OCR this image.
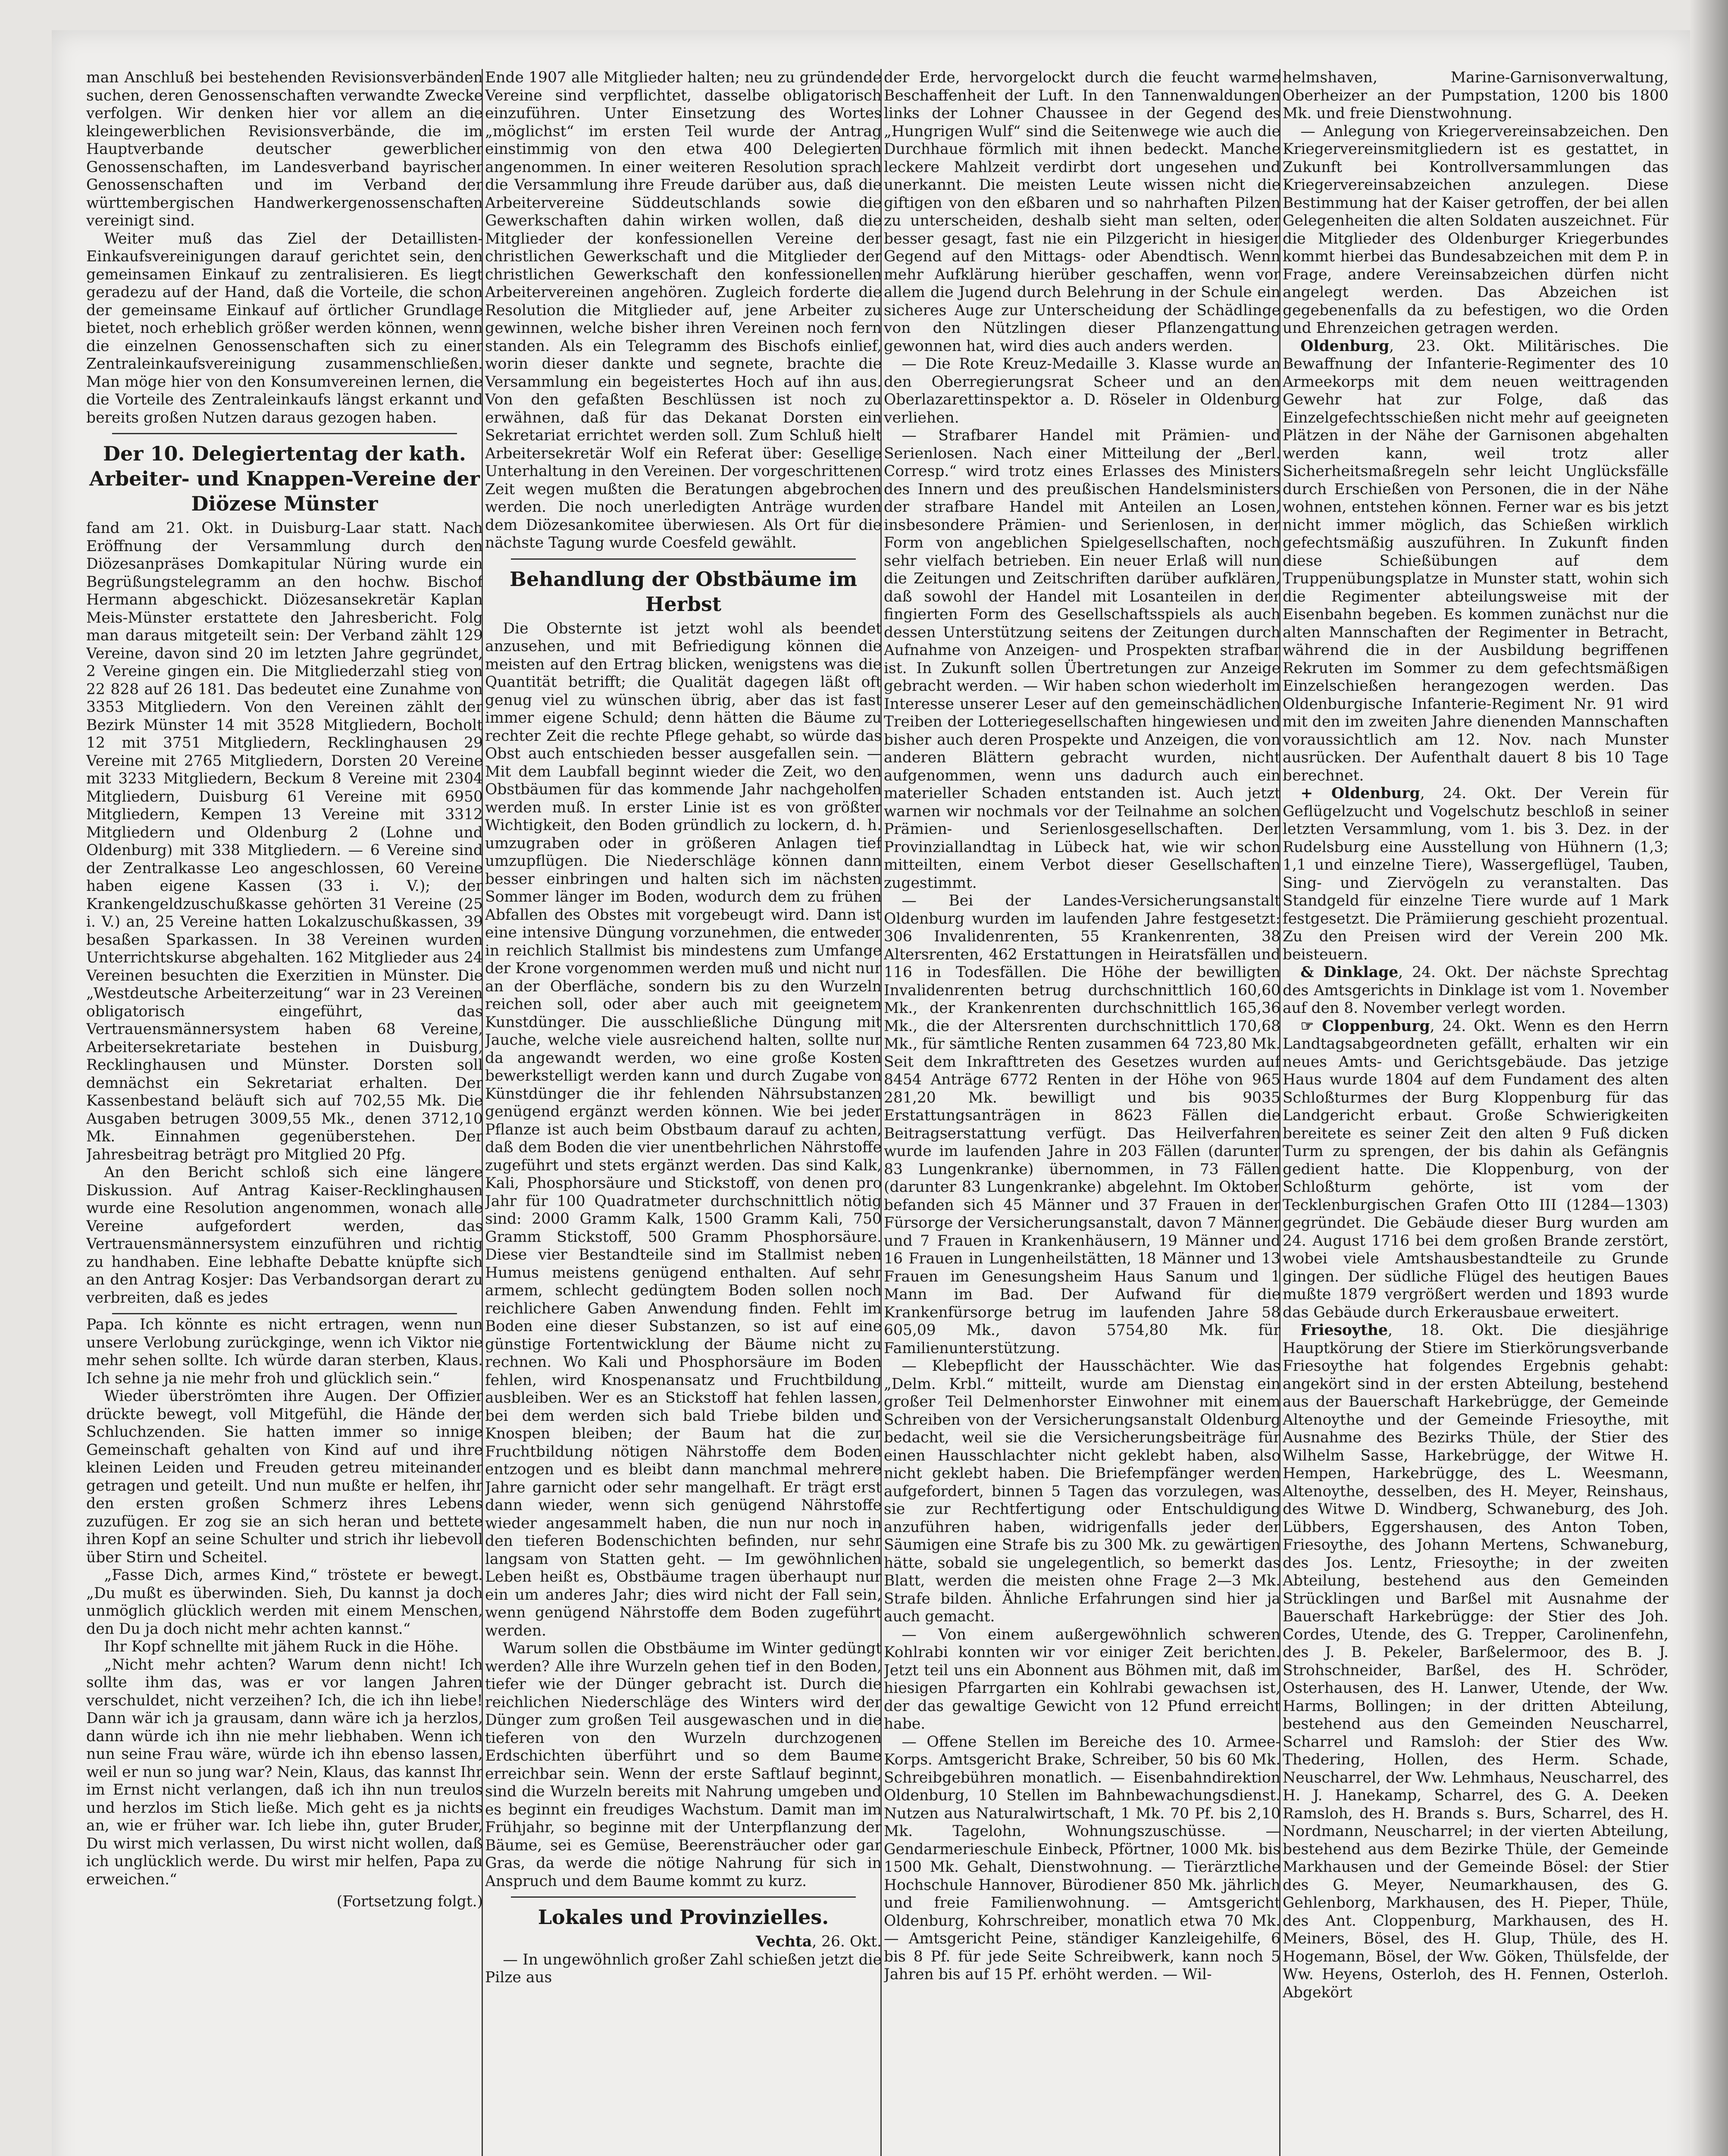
man Anschluß bei bestehenden Revisionsverbänden suchen, deren Genossenschaften verwandte Zwecke verfolgen. Wir denken hier vor allem an die kleingewerblichen Revisionsverbände, die im Hauptverbande deutscher gewerblicher Genossenschaften, im Landesverband bayrischer Genossenschaften und im Verband der württembergischen Handwerkergenossenschaften vereinigt sind.

Weiter muß das Ziel der Detaillisten-Einkaufsvereinigungen darauf gerichtet sein, den gemeinsamen Einkauf zu zentralisieren. Es liegt geradezu auf der Hand, daß die Vorteile, die schon der gemeinsame Einkauf auf örtlicher Grundlage bietet, noch erheblich größer werden können, wenn die einzelnen Genossenschaften sich zu einer Zentraleinkaufsvereinigung zusammenschließen. Man möge hier von den Konsumvereinen lernen, die die Vorteile des Zentraleinkaufs längst erkannt und bereits großen Nutzen daraus gezogen haben.

Der 10. Delegiertentag der kath. Arbeiter- und Knappen-Vereine der Diözese Münster

fand am 21. Okt. in Duisburg-Laar statt. Nach Eröffnung der Versammlung durch den Diözesanpräses Domkapitular Nüring wurde ein Begrüßungstelegramm an den hochw. Bischof Hermann abgeschickt. Diözesansekretär Kaplan Meis-Münster erstattete den Jahresbericht. Folg man daraus mitgeteilt sein: Der Verband zählt 129 Vereine, davon sind 20 im letzten Jahre gegründet, 2 Vereine gingen ein. Die Mitgliederzahl stieg von 22 828 auf 26 181. Das bedeutet eine Zunahme von 3353 Mitgliedern. Von den Vereinen zählt der Bezirk Münster 14 mit 3528 Mitgliedern, Bocholt 12 mit 3751 Mitgliedern, Recklinghausen 29 Vereine mit 2765 Mitgliedern, Dorsten 20 Vereine mit 3233 Mitgliedern, Beckum 8 Vereine mit 2304 Mitgliedern, Duisburg 61 Vereine mit 6950 Mitgliedern, Kempen 13 Vereine mit 3312 Mitgliedern und Oldenburg 2 (Lohne und Oldenburg) mit 338 Mitgliedern. — 6 Vereine sind der Zentralkasse Leo angeschlossen, 60 Vereine haben eigene Kassen (33 i. V.); der Krankengeldzuschußkasse gehörten 31 Vereine (25 i. V.) an, 25 Vereine hatten Lokalzuschußkassen, 39 besaßen Sparkassen. In 38 Vereinen wurden Unterrichtskurse abgehalten. 162 Mitglieder aus 24 Vereinen besuchten die Exerzitien in Münster. Die „Westdeutsche Arbeiterzeitung“ war in 23 Vereinen obligatorisch eingeführt, das Vertrauensmännersystem haben 68 Vereine, Arbeitersekretariate bestehen in Duisburg, Recklinghausen und Münster. Dorsten soll demnächst ein Sekretariat erhalten. Der Kassenbestand beläuft sich auf 702,55 Mk. Die Ausgaben betrugen 3009,55 Mk., denen 3712,10 Mk. Einnahmen gegenüberstehen. Der Jahresbeitrag beträgt pro Mitglied 20 Pfg.

An den Bericht schloß sich eine längere Diskussion. Auf Antrag Kaiser-Recklinghausen wurde eine Resolution angenommen, wonach alle Vereine aufgefordert werden, das Vertrauensmännersystem einzuführen und richtig zu handhaben. Eine lebhafte Debatte knüpfte sich an den Antrag Kosjer: Das Verbandsorgan derart zu verbreiten, daß es jedes

Papa. Ich könnte es nicht ertragen, wenn nun unsere Verlobung zurückginge, wenn ich Viktor nie mehr sehen sollte. Ich würde daran sterben, Klaus. Ich sehne ja nie mehr froh und glücklich sein.“

Wieder überströmten ihre Augen. Der Offizier drückte bewegt, voll Mitgefühl, die Hände der Schluchzenden. Sie hatten immer so innige Gemeinschaft gehalten von Kind auf und ihre kleinen Leiden und Freuden getreu miteinander getragen und geteilt. Und nun mußte er helfen, ihr den ersten großen Schmerz ihres Lebens zuzufügen. Er zog sie an sich heran und bettete ihren Kopf an seine Schulter und strich ihr liebevoll über Stirn und Scheitel.

„Fasse Dich, armes Kind,“ tröstete er bewegt. „Du mußt es überwinden. Sieh, Du kannst ja doch unmöglich glücklich werden mit einem Menschen, den Du ja doch nicht mehr achten kannst.“

Ihr Kopf schnellte mit jähem Ruck in die Höhe.

„Nicht mehr achten? Warum denn nicht! Ich sollte ihm das, was er vor langen Jahren verschuldet, nicht verzeihen? Ich, die ich ihn liebe! Dann wär ich ja grausam, dann wäre ich ja herzlos, dann würde ich ihn nie mehr liebhaben. Wenn ich nun seine Frau wäre, würde ich ihn ebenso lassen, weil er nun so jung war? Nein, Klaus, das kannst Ihr im Ernst nicht verlangen, daß ich ihn nun treulos und herzlos im Stich ließe. Mich geht es ja nichts an, wie er früher war. Ich liebe ihn, guter Bruder, Du wirst mich verlassen, Du wirst nicht wollen, daß ich unglücklich werde. Du wirst mir helfen, Papa zu erweichen.“

(Fortsetzung folgt.)

Ende 1907 alle Mitglieder halten; neu zu gründende Vereine sind verpflichtet, dasselbe obligatorisch einzuführen. Unter Einsetzung des Wortes „möglichst“ im ersten Teil wurde der Antrag einstimmig von den etwa 400 Delegierten angenommen. In einer weiteren Resolution sprach die Versammlung ihre Freude darüber aus, daß die Arbeitervereine Süddeutschlands sowie die Gewerkschaften dahin wirken wollen, daß die Mitglieder der konfessionellen Vereine der christlichen Gewerkschaft und die Mitglieder der christlichen Gewerkschaft den konfessionellen Arbeitervereinen angehören. Zugleich forderte die Resolution die Mitglieder auf, jene Arbeiter zu gewinnen, welche bisher ihren Vereinen noch fern standen. Als ein Telegramm des Bischofs einlief, worin dieser dankte und segnete, brachte die Versammlung ein begeistertes Hoch auf ihn aus. Von den gefaßten Beschlüssen ist noch zu erwähnen, daß für das Dekanat Dorsten ein Sekretariat errichtet werden soll. Zum Schluß hielt Arbeitersekretär Wolf ein Referat über: Gesellige Unterhaltung in den Vereinen. Der vorgeschrittenen Zeit wegen mußten die Beratungen abgebrochen werden. Die noch unerledigten Anträge wurden dem Diözesankomitee überwiesen. Als Ort für die nächste Tagung wurde Coesfeld gewählt.

Behandlung der Obstbäume im Herbst

Die Obsternte ist jetzt wohl als beendet anzusehen, und mit Befriedigung können die meisten auf den Ertrag blicken, wenigstens was die Quantität betrifft; die Qualität dagegen läßt oft genug viel zu wünschen übrig, aber das ist fast immer eigene Schuld; denn hätten die Bäume zu rechter Zeit die rechte Pflege gehabt, so würde das Obst auch entschieden besser ausgefallen sein. — Mit dem Laubfall beginnt wieder die Zeit, wo den Obstbäumen für das kommende Jahr nachgeholfen werden muß. In erster Linie ist es von größter Wichtigkeit, den Boden gründlich zu lockern, d. h. umzugraben oder in größeren Anlagen tief umzupflügen. Die Niederschläge können dann besser einbringen und halten sich im nächsten Sommer länger im Boden, wodurch dem zu frühen Abfallen des Obstes mit vorgebeugt wird. Dann ist eine intensive Düngung vorzunehmen, die entweder in reichlich Stallmist bis mindestens zum Umfange der Krone vorgenommen werden muß und nicht nur an der Oberfläche, sondern bis zu den Wurzeln reichen soll, oder aber auch mit geeignetem Kunstdünger. Die ausschließliche Düngung mit Jauche, welche viele ausreichend halten, sollte nur da angewandt werden, wo eine große Kosten bewerkstelligt werden kann und durch Zugabe von Künstdünger die ihr fehlenden Nährsubstanzen genügend ergänzt werden können. Wie bei jeder Pflanze ist auch beim Obstbaum darauf zu achten, daß dem Boden die vier unentbehrlichen Nährstoffe zugeführt und stets ergänzt werden. Das sind Kalk, Kali, Phosphorsäure und Stickstoff, von denen pro Jahr für 100 Quadratmeter durchschnittlich nötig sind: 2000 Gramm Kalk, 1500 Gramm Kali, 750 Gramm Stickstoff, 500 Gramm Phosphorsäure. Diese vier Bestandteile sind im Stallmist neben Humus meistens genügend enthalten. Auf sehr armem, schlecht gedüngtem Boden sollen noch reichlichere Gaben Anwendung finden. Fehlt im Boden eine dieser Substanzen, so ist auf eine günstige Fortentwicklung der Bäume nicht zu rechnen. Wo Kali und Phosphorsäure im Boden fehlen, wird Knospenansatz und Fruchtbildung ausbleiben. Wer es an Stickstoff hat fehlen lassen, bei dem werden sich bald Triebe bilden und Knospen bleiben; der Baum hat die zur Fruchtbildung nötigen Nährstoffe dem Boden entzogen und es bleibt dann manchmal mehrere Jahre garnicht oder sehr mangelhaft. Er trägt erst dann wieder, wenn sich genügend Nährstoffe wieder angesammelt haben, die nun nur noch in den tieferen Bodenschichten befinden, nur sehr langsam von Statten geht. — Im gewöhnlichen Leben heißt es, Obstbäume tragen überhaupt nur ein um anderes Jahr; dies wird nicht der Fall sein, wenn genügend Nährstoffe dem Boden zugeführt werden.

Warum sollen die Obstbäume im Winter gedüngt werden? Alle ihre Wurzeln gehen tief in den Boden, tiefer wie der Dünger gebracht ist. Durch die reichlichen Niederschläge des Winters wird der Dünger zum großen Teil ausgewaschen und in die tieferen von den Wurzeln durchzogenen Erdschichten überführt und so dem Baume erreichbar sein. Wenn der erste Saftlauf beginnt, sind die Wurzeln bereits mit Nahrung umgeben und es beginnt ein freudiges Wachstum. Damit man im Frühjahr, so beginne mit der Unterpflanzung der Bäume, sei es Gemüse, Beerensträucher oder gar Gras, da werde die nötige Nahrung für sich in Anspruch und dem Baume kommt zu kurz.

Lokales und Provinzielles.

Vechta, 26. Okt.

— In ungewöhnlich großer Zahl schießen jetzt die Pilze aus

der Erde, hervorgelockt durch die feucht warme Beschaffenheit der Luft. In den Tannenwaldungen links der Lohner Chaussee in der Gegend des „Hungrigen Wulf“ sind die Seitenwege wie auch die Durchhaue förmlich mit ihnen bedeckt. Manche leckere Mahlzeit verdirbt dort ungesehen und unerkannt. Die meisten Leute wissen nicht die giftigen von den eßbaren und so nahrhaften Pilzen zu unterscheiden, deshalb sieht man selten, oder besser gesagt, fast nie ein Pilzgericht in hiesiger Gegend auf den Mittags- oder Abendtisch. Wenn mehr Aufklärung hierüber geschaffen, wenn vor allem die Jugend durch Belehrung in der Schule ein sicheres Auge zur Unterscheidung der Schädlinge von den Nützlingen dieser Pflanzengattung gewonnen hat, wird dies auch anders werden.

— Die Rote Kreuz-Medaille 3. Klasse wurde an den Oberregierungsrat Scheer und an den Oberlazarettinspektor a. D. Röseler in Oldenburg verliehen.

— Strafbarer Handel mit Prämien- und Serienlosen. Nach einer Mitteilung der „Berl. Corresp.“ wird trotz eines Erlasses des Ministers des Innern und des preußischen Handelsministers der strafbare Handel mit Anteilen an Losen, insbesondere Prämien- und Serienlosen, in der Form von angeblichen Spielgesellschaften, noch sehr vielfach betrieben. Ein neuer Erlaß will nun die Zeitungen und Zeitschriften darüber aufklären, daß sowohl der Handel mit Losanteilen in der fingierten Form des Gesellschaftsspiels als auch dessen Unterstützung seitens der Zeitungen durch Aufnahme von Anzeigen- und Prospekten strafbar ist. In Zukunft sollen Übertretungen zur Anzeige gebracht werden. — Wir haben schon wiederholt im Interesse unserer Leser auf den gemeinschädlichen Treiben der Lotteriegesellschaften hingewiesen und bisher auch deren Prospekte und Anzeigen, die von anderen Blättern gebracht wurden, nicht aufgenommen, wenn uns dadurch auch ein materieller Schaden entstanden ist. Auch jetzt warnen wir nochmals vor der Teilnahme an solchen Prämien- und Serienlosgesellschaften. Der Provinziallandtag in Lübeck hat, wie wir schon mitteilten, einem Verbot dieser Gesellschaften zugestimmt.

— Bei der Landes-Versicherungsanstalt Oldenburg wurden im laufenden Jahre festgesetzt: 306 Invalidenrenten, 55 Krankenrenten, 38 Altersrenten, 462 Erstattungen in Heiratsfällen und 116 in Todesfällen. Die Höhe der bewilligten Invalidenrenten betrug durchschnittlich 160,60 Mk., der Krankenrenten durchschnittlich 165,36 Mk., die der Altersrenten durchschnittlich 170,68 Mk., für sämtliche Renten zusammen 64 723,80 Mk. Seit dem Inkrafttreten des Gesetzes wurden auf 8454 Anträge 6772 Renten in der Höhe von 965 281,20 Mk. bewilligt und bis 9035 Erstattungsanträgen in 8623 Fällen die Beitragserstattung verfügt. Das Heilverfahren wurde im laufenden Jahre in 203 Fällen (darunter 83 Lungenkranke) übernommen, in 73 Fällen (darunter 83 Lungenkranke) abgelehnt. Im Oktober befanden sich 45 Männer und 37 Frauen in der Fürsorge der Versicherungsanstalt, davon 7 Männer und 7 Frauen in Krankenhäusern, 19 Männer und 16 Frauen in Lungenheilstätten, 18 Männer und 13 Frauen im Genesungsheim Haus Sanum und 1 Mann im Bad. Der Aufwand für die Krankenfürsorge betrug im laufenden Jahre 58 605,09 Mk., davon 5754,80 Mk. für Familienunterstützung.

— Klebepflicht der Hausschächter. Wie das „Delm. Krbl.“ mitteilt, wurde am Dienstag ein großer Teil Delmenhorster Einwohner mit einem Schreiben von der Versicherungsanstalt Oldenburg bedacht, weil sie die Versicherungsbeiträge für einen Hausschlachter nicht geklebt haben, also nicht geklebt haben. Die Briefempfänger werden aufgefordert, binnen 5 Tagen das vorzulegen, was sie zur Rechtfertigung oder Entschuldigung anzuführen haben, widrigenfalls jeder der Säumigen eine Strafe bis zu 300 Mk. zu gewärtigen hätte, sobald sie ungelegentlich, so bemerkt das Blatt, werden die meisten ohne Frage 2—3 Mk. Strafe bilden. Ähnliche Erfahrungen sind hier ja auch gemacht.

— Von einem außergewöhnlich schweren Kohlrabi konnten wir vor einiger Zeit berichten. Jetzt teil uns ein Abonnent aus Böhmen mit, daß im hiesigen Pfarrgarten ein Kohlrabi gewachsen ist, der das gewaltige Gewicht von 12 Pfund erreicht habe.

— Offene Stellen im Bereiche des 10. Armee-Korps. Amtsgericht Brake, Schreiber, 50 bis 60 Mk. Schreibgebühren monatlich. — Eisenbahndirektion Oldenburg, 10 Stellen im Bahnbewachungsdienst. Nutzen aus Naturalwirtschaft, 1 Mk. 70 Pf. bis 2,10 Mk. Tagelohn, Wohnungszuschüsse. — Gendarmerieschule Einbeck, Pförtner, 1000 Mk. bis 1500 Mk. Gehalt, Dienstwohnung. — Tierärztliche Hochschule Hannover, Bürodiener 850 Mk. jährlich und freie Familienwohnung. — Amtsgericht Oldenburg, Kohrschreiber, monatlich etwa 70 Mk. — Amtsgericht Peine, ständiger Kanzleigehilfe, 6 bis 8 Pf. für jede Seite Schreibwerk, kann noch 5 Jahren bis auf 15 Pf. erhöht werden. — Wil-

helmshaven, Marine-Garnisonverwaltung, Oberheizer an der Pumpstation, 1200 bis 1800 Mk. und freie Dienstwohnung.

— Anlegung von Kriegervereinsabzeichen. Den Kriegervereinsmitgliedern ist es gestattet, in Zukunft bei Kontrollversammlungen das Kriegervereinsabzeichen anzulegen. Diese Bestimmung hat der Kaiser getroffen, der bei allen Gelegenheiten die alten Soldaten auszeichnet. Für die Mitglieder des Oldenburger Kriegerbundes kommt hierbei das Bundesabzeichen mit dem P. in Frage, andere Vereinsabzeichen dürfen nicht angelegt werden. Das Abzeichen ist gegebenenfalls da zu befestigen, wo die Orden und Ehrenzeichen getragen werden.

Oldenburg, 23. Okt. Militärisches. Die Bewaffnung der Infanterie-Regimenter des 10 Armeekorps mit dem neuen weittragenden Gewehr hat zur Folge, daß das Einzelgefechtsschießen nicht mehr auf geeigneten Plätzen in der Nähe der Garnisonen abgehalten werden kann, weil trotz aller Sicherheitsmaßregeln sehr leicht Unglücksfälle durch Erschießen von Personen, die in der Nähe wohnen, entstehen können. Ferner war es bis jetzt nicht immer möglich, das Schießen wirklich gefechtsmäßig auszuführen. In Zukunft finden diese Schießübungen auf dem Truppenübungsplatze in Munster statt, wohin sich die Regimenter abteilungsweise mit der Eisenbahn begeben. Es kommen zunächst nur die alten Mannschaften der Regimenter in Betracht, während die in der Ausbildung begriffenen Rekruten im Sommer zu dem gefechtsmäßigen Einzelschießen herangezogen werden. Das Oldenburgische Infanterie-Regiment Nr. 91 wird mit den im zweiten Jahre dienenden Mannschaften voraussichtlich am 12. Nov. nach Munster ausrücken. Der Aufenthalt dauert 8 bis 10 Tage berechnet.

+ Oldenburg, 24. Okt. Der Verein für Geflügelzucht und Vogelschutz beschloß in seiner letzten Versammlung, vom 1. bis 3. Dez. in der Rudelsburg eine Ausstellung von Hühnern (1,3; 1,1 und einzelne Tiere), Wassergeflügel, Tauben, Sing- und Ziervögeln zu veranstalten. Das Standgeld für einzelne Tiere wurde auf 1 Mark festgesetzt. Die Prämiierung geschieht prozentual. Zu den Preisen wird der Verein 200 Mk. beisteuern.

& Dinklage, 24. Okt. Der nächste Sprechtag des Amtsgerichts in Dinklage ist vom 1. November auf den 8. November verlegt worden.

☞ Cloppenburg, 24. Okt. Wenn es den Herrn Landtagsabgeordneten gefällt, erhalten wir ein neues Amts- und Gerichtsgebäude. Das jetzige Haus wurde 1804 auf dem Fundament des alten Schloßturmes der Burg Kloppenburg für das Landgericht erbaut. Große Schwierigkeiten bereitete es seiner Zeit den alten 9 Fuß dicken Turm zu sprengen, der bis dahin als Gefängnis gedient hatte. Die Kloppenburg, von der Schloßturm gehörte, ist vom der Tecklenburgischen Grafen Otto III (1284—1303) gegründet. Die Gebäude dieser Burg wurden am 24. August 1716 bei dem großen Brande zerstört, wobei viele Amtshausbestandteile zu Grunde gingen. Der südliche Flügel des heutigen Baues mußte 1879 vergrößert werden und 1893 wurde das Gebäude durch Erkerausbaue erweitert.

Friesoythe, 18. Okt. Die diesjährige Hauptkörung der Stiere im Stierkörungsverbande Friesoythe hat folgendes Ergebnis gehabt: angekört sind in der ersten Abteilung, bestehend aus der Bauerschaft Harkebrügge, der Gemeinde Altenoythe und der Gemeinde Friesoythe, mit Ausnahme des Bezirks Thüle, der Stier des Wilhelm Sasse, Harkebrügge, der Witwe H. Hempen, Harkebrügge, des L. Weesmann, Altenoythe, desselben, des H. Meyer, Reinshaus, des Witwe D. Windberg, Schwaneburg, des Joh. Lübbers, Eggershausen, des Anton Toben, Friesoythe, des Johann Mertens, Schwaneburg, des Jos. Lentz, Friesoythe; in der zweiten Abteilung, bestehend aus den Gemeinden Strücklingen und Barßel mit Ausnahme der Bauerschaft Harkebrügge: der Stier des Joh. Cordes, Utende, des G. Trepper, Carolinenfehn, des J. B. Pekeler, Barßelermoor, des B. J. Strohschneider, Barßel, des H. Schröder, Osterhausen, des H. Lanwer, Utende, der Ww. Harms, Bollingen; in der dritten Abteilung, bestehend aus den Gemeinden Neuscharrel, Scharrel und Ramsloh: der Stier des Ww. Thedering, Hollen, des Herm. Schade, Neuscharrel, der Ww. Lehmhaus, Neuscharrel, des H. J. Hanekamp, Scharrel, des G. A. Deeken Ramsloh, des H. Brands s. Burs, Scharrel, des H. Nordmann, Neuscharrel; in der vierten Abteilung, bestehend aus dem Bezirke Thüle, der Gemeinde Markhausen und der Gemeinde Bösel: der Stier des G. Meyer, Neumarkhausen, des G. Gehlenborg, Markhausen, des H. Pieper, Thüle, des Ant. Cloppenburg, Markhausen, des H. Meiners, Bösel, des H. Glup, Thüle, des H. Hogemann, Bösel, der Ww. Göken, Thülsfelde, der Ww. Heyens, Osterloh, des H. Fennen, Osterloh. Abgekört
